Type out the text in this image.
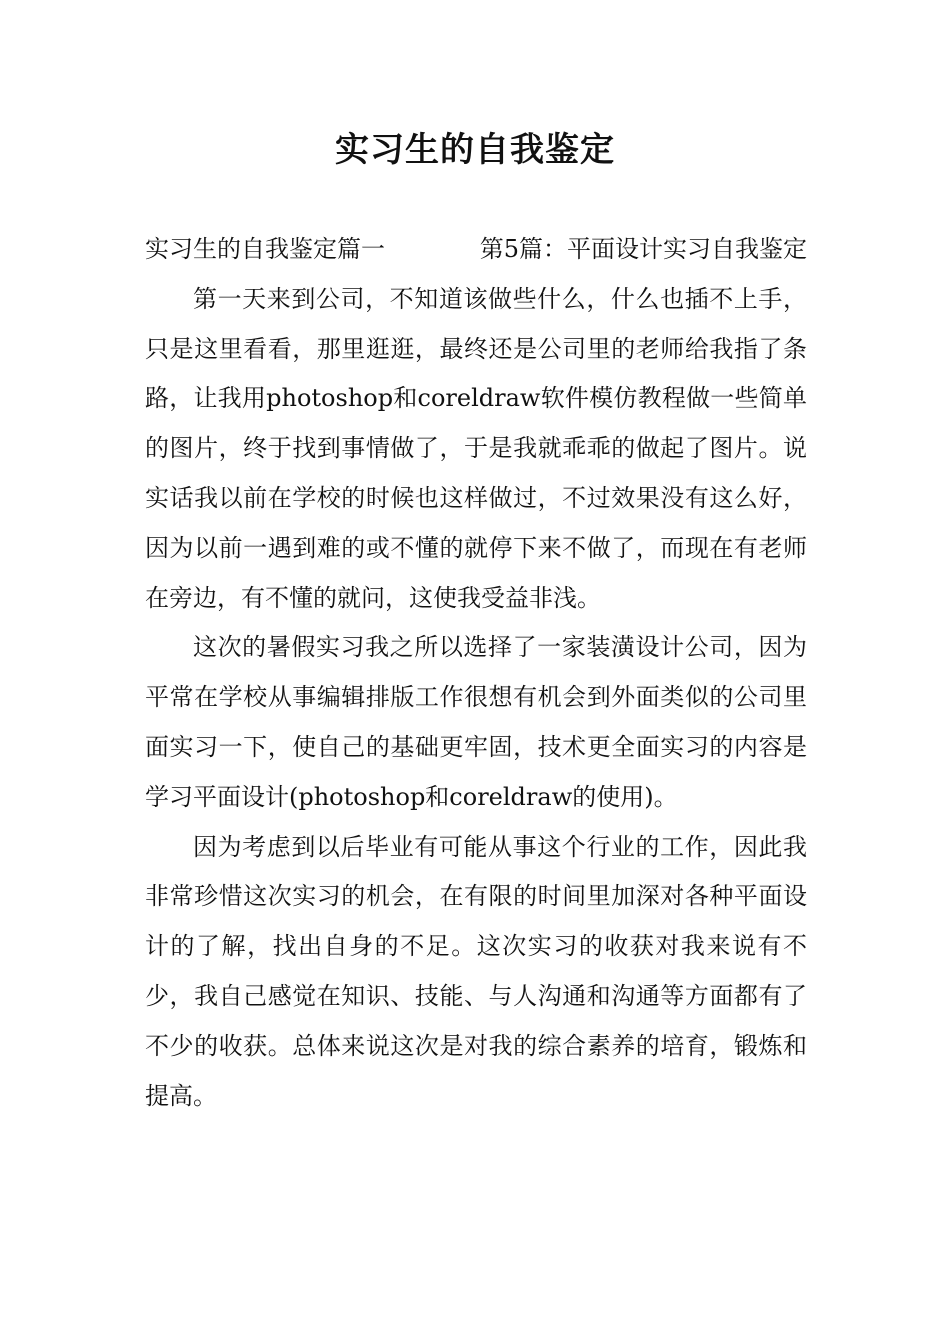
实习生的自我鉴定

实习生的自我鉴定篇一	第5篇：平面设计实习自我鉴定

第一天来到公司，不知道该做些什么，什么也插不上手，只是这里看看，那里逛逛，最终还是公司里的老师给我指了条路，让我用photoshop和coreldraw软件模仿教程做一些简单的图片，终于找到事情做了，于是我就乖乖的做起了图片。说实话我以前在学校的时候也这样做过，不过效果没有这么好，因为以前一遇到难的或不懂的就停下来不做了，而现在有老师在旁边，有不懂的就问，这使我受益非浅。

这次的暑假实习我之所以选择了一家装潢设计公司，因为平常在学校从事编辑排版工作很想有机会到外面类似的公司里面实习一下，使自己的基础更牢固，技术更全面实习的内容是学习平面设计(photoshop和coreldraw的使用)。

因为考虑到以后毕业有可能从事这个行业的工作，因此我非常珍惜这次实习的机会，在有限的时间里加深对各种平面设计的了解，找出自身的不足。这次实习的收获对我来说有不少，我自己感觉在知识、技能、与人沟通和沟通等方面都有了不少的收获。总体来说这次是对我的综合素养的培育，锻炼和提高。
